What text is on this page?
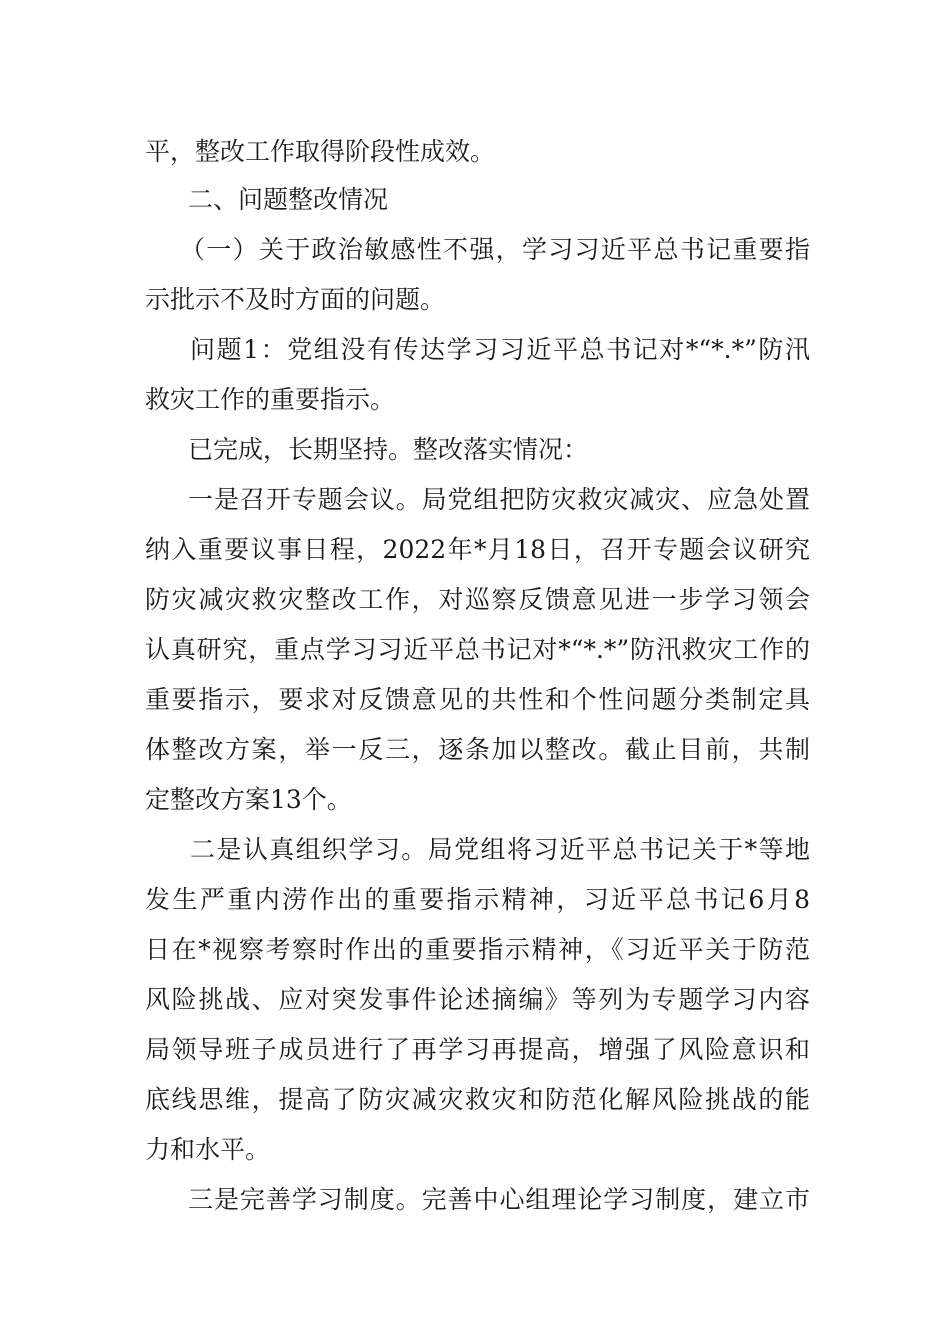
平，整改工作取得阶段性成效。
二、问题整改情况
（一）关于政治敏感性不强，学习习近平总书记重要指
示批示不及时方面的问题。
问题1：党组没有传达学习习近平总书记对*“*.*”防汛
救灾工作的重要指示。
已完成，长期坚持。整改落实情况：
一是召开专题会议。局党组把防灾救灾减灾、应急处置
纳入重要议事日程，2022年*月18日，召开专题会议研究
防灾减灾救灾整改工作，对巡察反馈意见进一步学习领会
认真研究，重点学习习近平总书记对*“*.*”防汛救灾工作的
重要指示，要求对反馈意见的共性和个性问题分类制定具
体整改方案，举一反三，逐条加以整改。截止目前，共制
定整改方案13个。
二是认真组织学习。局党组将习近平总书记关于*等地
发生严重内涝作出的重要指示精神，习近平总书记6月8
日在*视察考察时作出的重要指示精神，《习近平关于防范
风险挑战、应对突发事件论述摘编》等列为专题学习内容
局领导班子成员进行了再学习再提高，增强了风险意识和
底线思维，提高了防灾减灾救灾和防范化解风险挑战的能
力和水平。
三是完善学习制度。完善中心组理论学习制度，建立市
